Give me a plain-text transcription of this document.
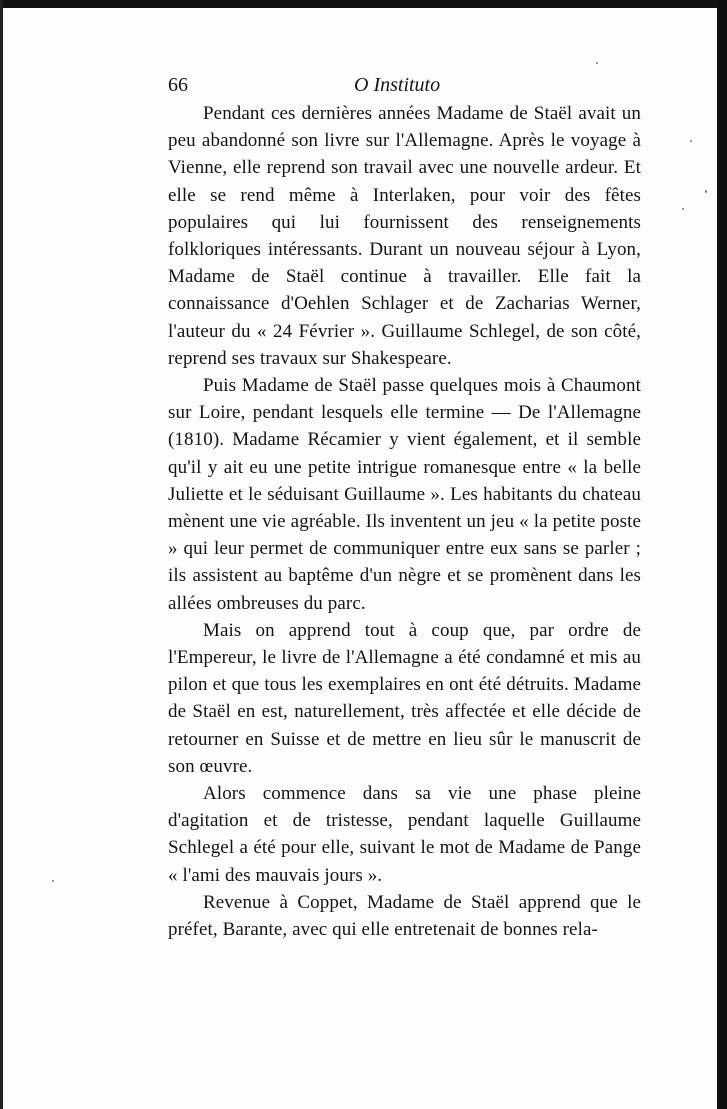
66	O Instituto

Pendant ces dernières années Madame de Staël avait un peu abandonné son livre sur l'Allemagne. Après le voyage à Vienne, elle reprend son travail avec une nouvelle ardeur. Et elle se rend même à Interlaken, pour voir des fêtes populaires qui lui fournissent des renseignements folkloriques intéressants. Durant un nouveau séjour à Lyon, Madame de Staël continue à travailler. Elle fait la connaissance d'Oehlen Schlager et de Zacharias Werner, l'auteur du « 24 Février ». Guillaume Schlegel, de son côté, reprend ses travaux sur Shakespeare.

Puis Madame de Staël passe quelques mois à Chaumont sur Loire, pendant lesquels elle termine — De l'Allemagne (1810). Madame Récamier y vient également, et il semble qu'il y ait eu une petite intrigue romanesque entre « la belle Juliette et le séduisant Guillaume ». Les habitants du chateau mènent une vie agréable. Ils inventent un jeu « la petite poste » qui leur permet de communiquer entre eux sans se parler ; ils assistent au baptême d'un nègre et se promènent dans les allées ombreuses du parc.

Mais on apprend tout à coup que, par ordre de l'Empereur, le livre de l'Allemagne a été condamné et mis au pilon et que tous les exemplaires en ont été détruits. Madame de Staël en est, naturellement, très affectée et elle décide de retourner en Suisse et de mettre en lieu sûr le manuscrit de son œuvre.

Alors commence dans sa vie une phase pleine d'agitation et de tristesse, pendant laquelle Guillaume Schlegel a été pour elle, suivant le mot de Madame de Pange « l'ami des mauvais jours ».

Revenue à Coppet, Madame de Staël apprend que le préfet, Barante, avec qui elle entretenait de bonnes rela-
